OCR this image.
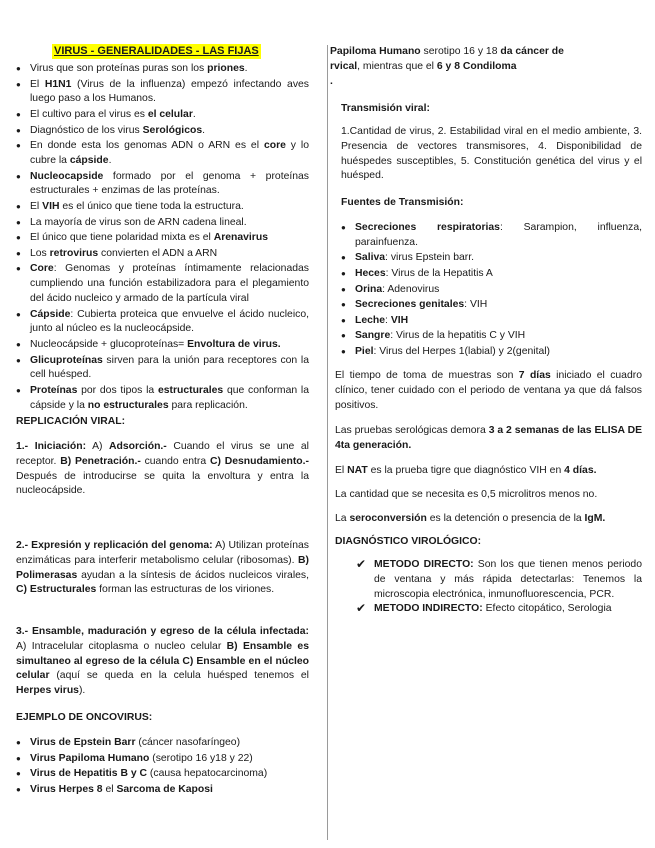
VIRUS - GENERALIDADES - LAS FIJAS
● Virus que son proteínas puras son los priones.
● El H1N1 (Virus de la influenza) empezó infectando aves luego paso a los Humanos.
● El cultivo para el virus es el celular.
● Diagnóstico de los virus Serológicos.
● En donde esta los genomas ADN o ARN es el core y lo cubre la cápside.
● Nucleocapside formado por el genoma + proteínas estructurales + enzimas de las proteínas.
● El VIH es el único que tiene toda la estructura.
● La mayoría de virus son de ARN cadena lineal.
● El único que tiene polaridad mixta es el Arenavirus
● Los retrovirus convierten el ADN a ARN
● Core: Genomas y proteínas íntimamente relacionadas cumpliendo una función estabilizadora para el plegamiento del ácido nucleico y armado de la partícula viral
● Cápside: Cubierta proteica que envuelve el ácido nucleico, junto al núcleo es la nucleocápside.
● Nucleocápside + glucoproteínas= Envoltura de virus.
● Glicuproteínas sirven para la unión para receptores con la cell huésped.
● Proteínas por dos tipos la estructurales que conforman la cápside y la no estructurales para replicación.
REPLICACIÓN VIRAL:
1.- Iniciación: A) Adsorción.- Cuando el virus se une al receptor. B) Penetración.- cuando entra C) Desnudamiento.- Después de introducirse se quita la envoltura y entra la nucleocápside.
2.- Expresión y replicación del genoma: A) Utilizan proteínas enzimáticas para interferir metabolismo celular (ribosomas). B) Polimerasas ayudan a la síntesis de ácidos nucleicos virales, C) Estructurales forman las estructuras de los viriones.
3.- Ensamble, maduración y egreso de la célula infectada: A) Intracelular citoplasma o nucleo celular B) Ensamble es simultaneo al egreso de la célula C) Ensamble en el núcleo celular (aquí se queda en la celula huésped tenemos el Herpes virus).
EJEMPLO DE ONCOVIRUS:
● Virus de Epstein Barr (cáncer nasofaríngeo)
● Virus Papiloma Humano (serotipo 16 y18 y 22)
● Virus de Hepatitis B y C (causa hepatocarcinoma)
● Virus Herpes 8 el Sarcoma de Kaposi
Papiloma Humano serotipo 16 y 18 da cáncer de
rvical, mientras que el 6 y 8 Condiloma
.
Transmisión viral:
1.Cantidad de virus, 2. Estabilidad viral en el medio ambiente, 3. Presencia de vectores transmisores, 4. Disponibilidad de huéspedes susceptibles, 5. Constitución genética del virus y el huésped.
Fuentes de Transmisión:
● Secreciones respiratorias: Sarampion, influenza, parainfuenza.
● Saliva: virus Epstein barr.
● Heces: Virus de la Hepatitis A
● Orina: Adenovirus
● Secreciones genitales: VIH
● Leche: VIH
● Sangre: Virus de la hepatitis C y VIH
● Piel: Virus del Herpes 1(labial) y 2(genital)
El tiempo de toma de muestras son 7 días iniciado el cuadro clínico, tener cuidado con el periodo de ventana ya que dá falsos positivos.
Las pruebas serológicas demora 3 a 2 semanas de las ELISA DE 4ta generación.
El NAT es la prueba tigre que diagnóstico VIH en 4 días.
La cantidad que se necesita es 0,5 microlitros menos no.
La seroconversión es la detención o presencia de la IgM.
DIAGNÓSTICO VIROLÓGICO:
✔ METODO DIRECTO: Son los que tienen menos periodo de ventana y más rápida detectarlas: Tenemos la microscopia electrónica, inmunofluorescencia, PCR.
✔ METODO INDIRECTO: Efecto citopático, Serologia
